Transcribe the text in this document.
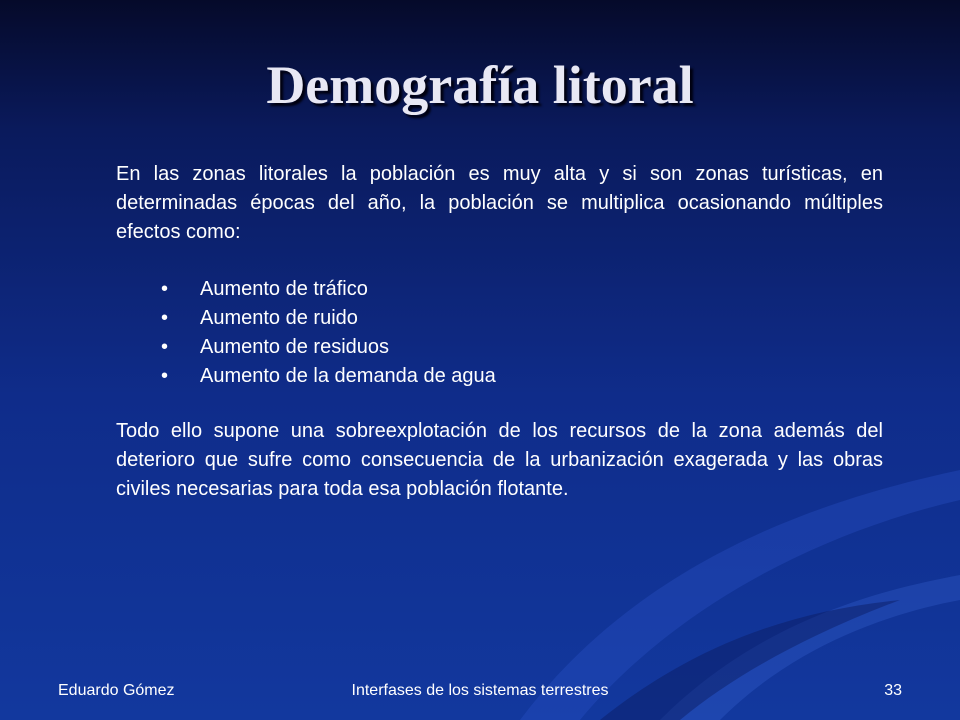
Demografía litoral

En las zonas litorales la población es muy alta y si son zonas turísticas, en determinadas épocas del año, la población se multiplica ocasionando múltiples efectos como:

• Aumento de tráfico
• Aumento de ruido
• Aumento de residuos
• Aumento de la demanda de agua

Todo ello supone una sobreexplotación de los recursos de la zona además del deterioro que sufre como consecuencia de la urbanización exagerada y las obras civiles necesarias para toda esa población flotante.

Eduardo Gómez	Interfases de los sistemas terrestres	33
